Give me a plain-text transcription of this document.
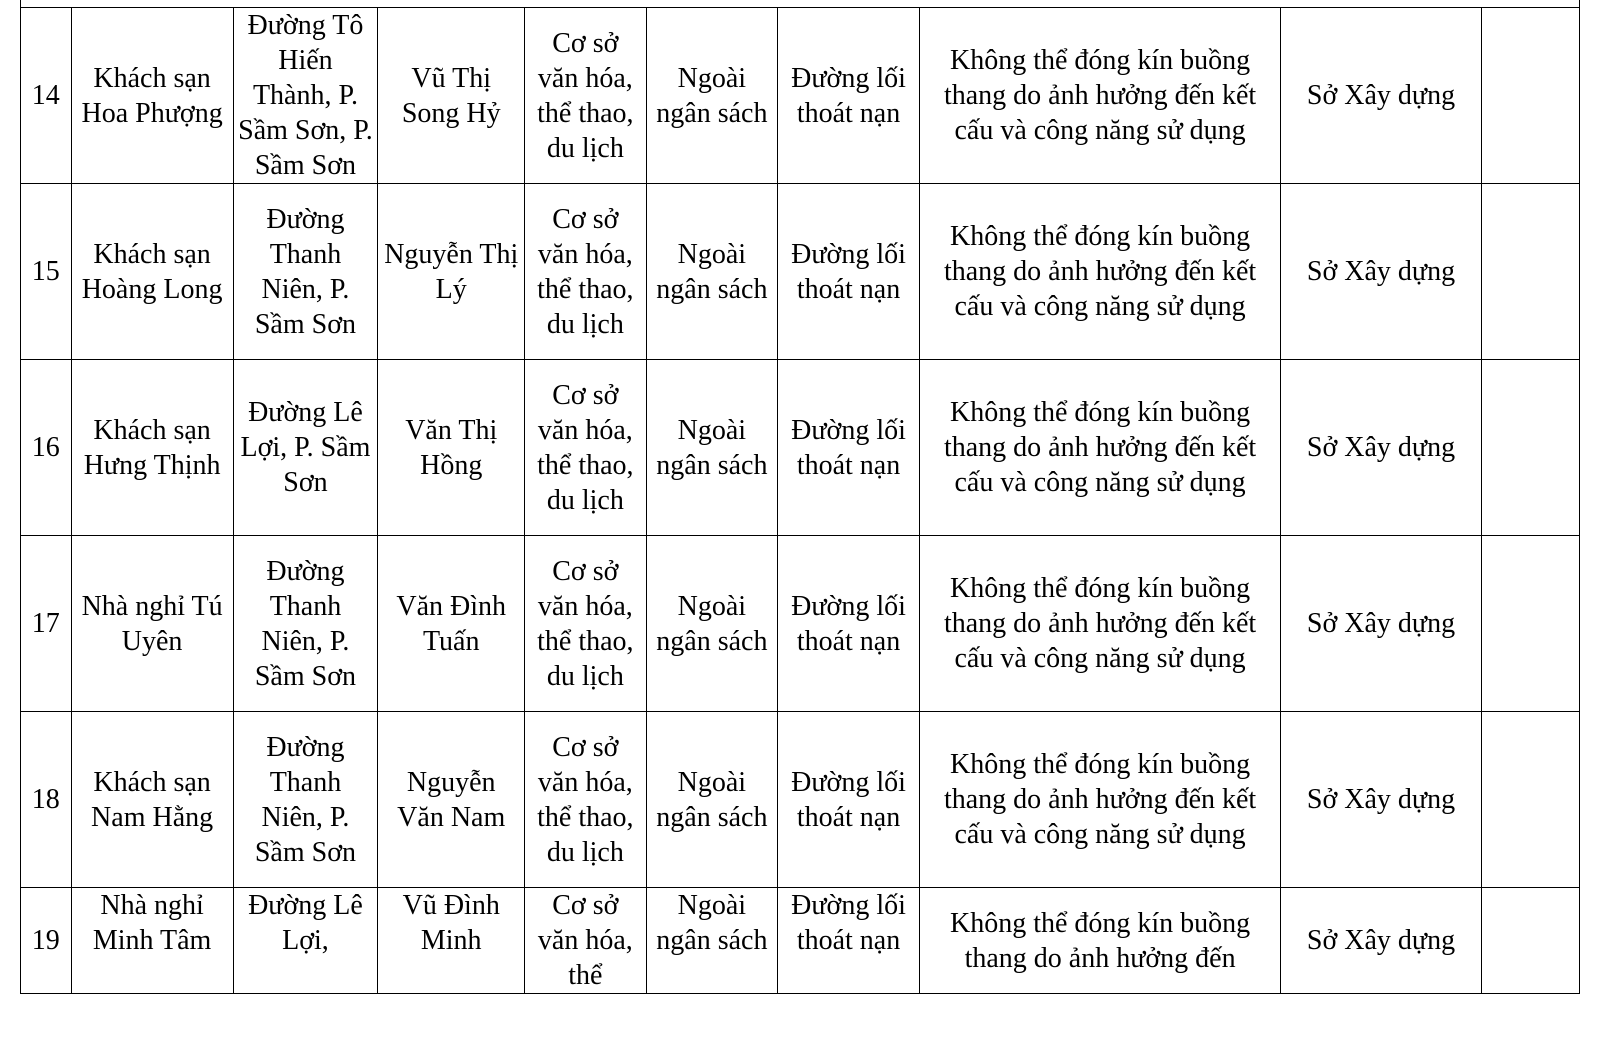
14	Khách sạn Hoa Phượng	Đường Tô Hiến Thành, P. Sầm Sơn, P. Sầm Sơn	Vũ Thị Song Hỷ	Cơ sở văn hóa, thể thao, du lịch	Ngoài ngân sách	Đường lối thoát nạn	Không thể đóng kín buồng thang do ảnh hưởng đến kết cấu và công năng sử dụng	Sở Xây dựng	
15	Khách sạn Hoàng Long	Đường Thanh Niên, P. Sầm Sơn	Nguyễn Thị Lý	Cơ sở văn hóa, thể thao, du lịch	Ngoài ngân sách	Đường lối thoát nạn	Không thể đóng kín buồng thang do ảnh hưởng đến kết cấu và công năng sử dụng	Sở Xây dựng	
16	Khách sạn Hưng Thịnh	Đường Lê Lợi, P. Sầm Sơn	Văn Thị Hồng	Cơ sở văn hóa, thể thao, du lịch	Ngoài ngân sách	Đường lối thoát nạn	Không thể đóng kín buồng thang do ảnh hưởng đến kết cấu và công năng sử dụng	Sở Xây dựng	
17	Nhà nghỉ Tú Uyên	Đường Thanh Niên, P. Sầm Sơn	Văn Đình Tuấn	Cơ sở văn hóa, thể thao, du lịch	Ngoài ngân sách	Đường lối thoát nạn	Không thể đóng kín buồng thang do ảnh hưởng đến kết cấu và công năng sử dụng	Sở Xây dựng	
18	Khách sạn Nam Hằng	Đường Thanh Niên, P. Sầm Sơn	Nguyễn Văn Nam	Cơ sở văn hóa, thể thao, du lịch	Ngoài ngân sách	Đường lối thoát nạn	Không thể đóng kín buồng thang do ảnh hưởng đến kết cấu và công năng sử dụng	Sở Xây dựng	
19	Nhà nghỉ Minh Tâm	Đường Lê Lợi,	Vũ Đình Minh	Cơ sở văn hóa, thể	Ngoài ngân sách	Đường lối thoát nạn	Không thể đóng kín buồng thang do ảnh hưởng đến	Sở Xây dựng	
